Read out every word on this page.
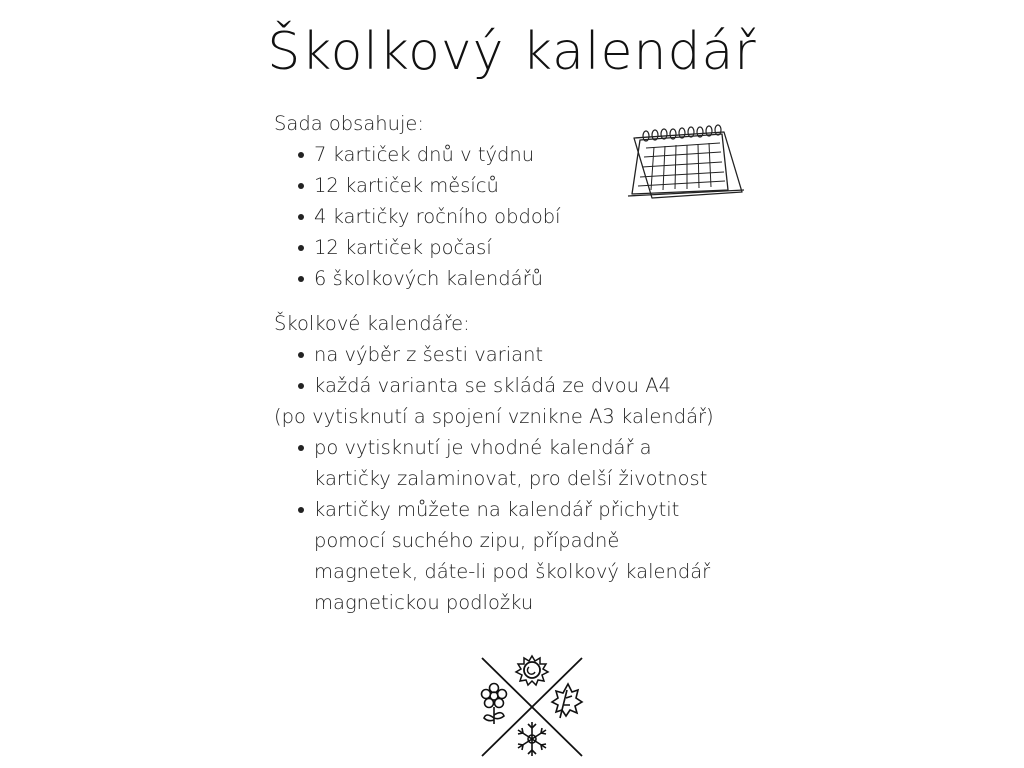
Školkový kalendář

Sada obsahuje:

7 kartiček dnů v týdnu
12 kartiček měsíců
4 kartičky ročního období
12 kartiček počasí
6 školkových kalendářů

Školkové kalendáře:

na výběr z šesti variant
každá varianta se skládá ze dvou A4

(po vytisknutí a spojení vznikne A3 kalendář)

po vytisknutí je vhodné kalendář a kartičky zalaminovat, pro delší životnost
kartičky můžete na kalendář přichytit pomocí suchého zipu, případně magnetek, dáte-li pod školkový kalendář magnetickou podložku
